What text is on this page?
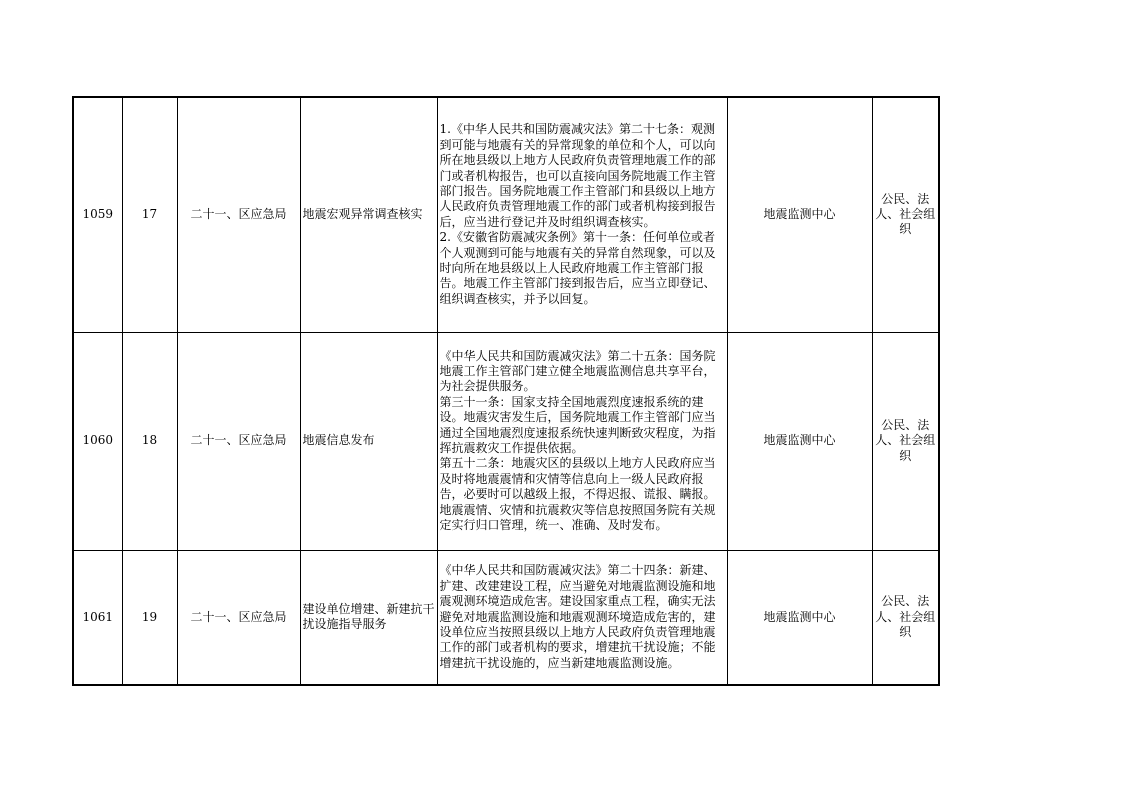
1059	17	二十一、区应急局	地震宏观异常调查核实	1.《中华人民共和国防震减灾法》第二十七条：观测到可能与地震有关的异常现象的单位和个人，可以向所在地县级以上地方人民政府负责管理地震工作的部门或者机构报告，也可以直接向国务院地震工作主管部门报告。国务院地震工作主管部门和县级以上地方人民政府负责管理地震工作的部门或者机构接到报告后，应当进行登记并及时组织调查核实。
2.《安徽省防震减灾条例》第十一条：任何单位或者个人观测到可能与地震有关的异常自然现象，可以及时向所在地县级以上人民政府地震工作主管部门报告。地震工作主管部门接到报告后，应当立即登记、组织调查核实，并予以回复。	地震监测中心	公民、法人、社会组织
1060	18	二十一、区应急局	地震信息发布	《中华人民共和国防震减灾法》第二十五条：国务院地震工作主管部门建立健全地震监测信息共享平台，为社会提供服务。
第三十一条：国家支持全国地震烈度速报系统的建设。地震灾害发生后，国务院地震工作主管部门应当通过全国地震烈度速报系统快速判断致灾程度，为指挥抗震救灾工作提供依据。
第五十二条：地震灾区的县级以上地方人民政府应当及时将地震震情和灾情等信息向上一级人民政府报告，必要时可以越级上报，不得迟报、谎报、瞒报。地震震情、灾情和抗震救灾等信息按照国务院有关规定实行归口管理，统一、准确、及时发布。	地震监测中心	公民、法人、社会组织
1061	19	二十一、区应急局	建设单位增建、新建抗干扰设施指导服务	《中华人民共和国防震减灾法》第二十四条：新建、扩建、改建建设工程，应当避免对地震监测设施和地震观测环境造成危害。建设国家重点工程，确实无法避免对地震监测设施和地震观测环境造成危害的，建设单位应当按照县级以上地方人民政府负责管理地震工作的部门或者机构的要求，增建抗干扰设施；不能增建抗干扰设施的，应当新建地震监测设施。	地震监测中心	公民、法人、社会组织
